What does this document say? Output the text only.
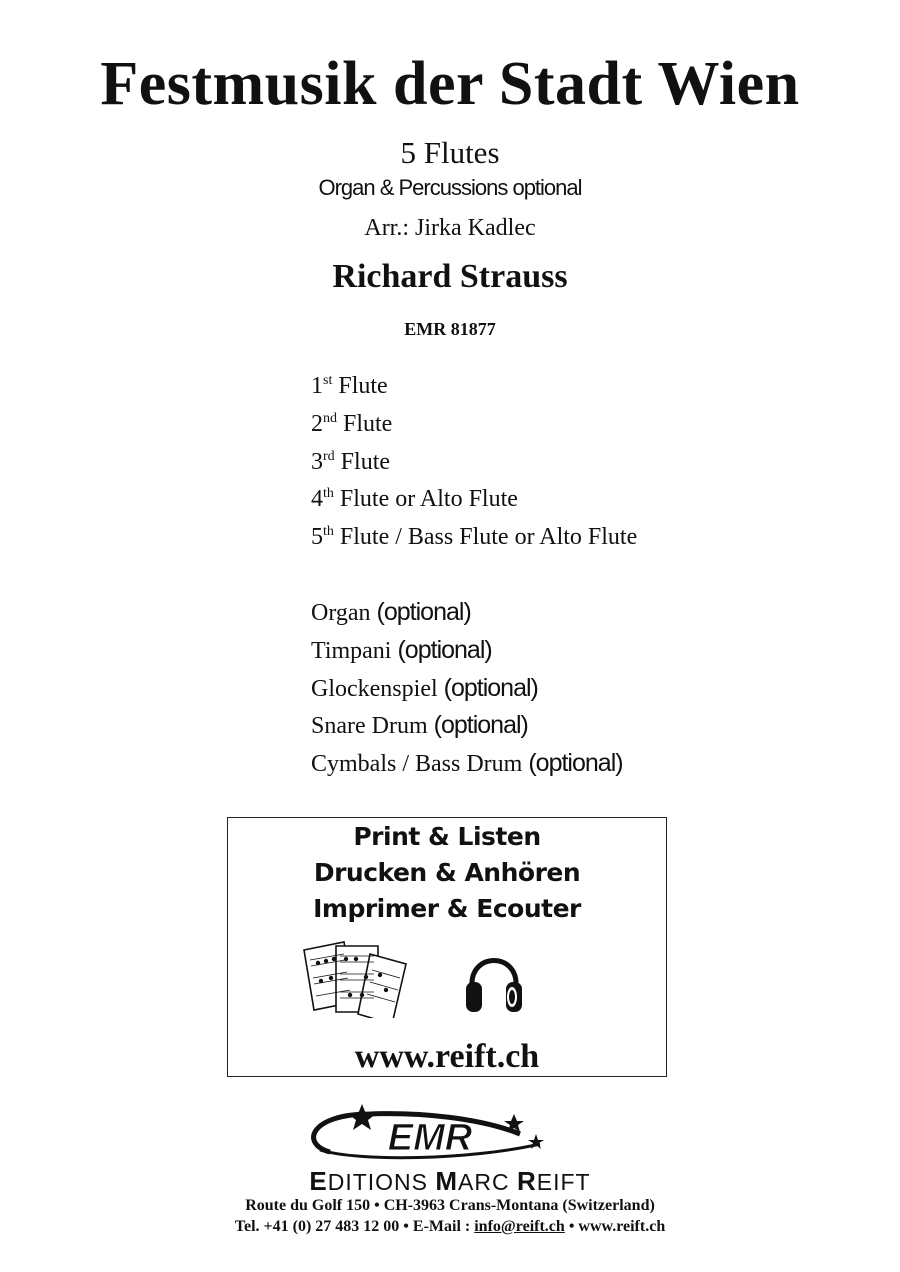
Festmusik der Stadt Wien
5 Flutes
Organ & Percussions optional
Arr.: Jirka Kadlec
Richard Strauss
EMR 81877
1st Flute
2nd Flute
3rd Flute
4th Flute or Alto Flute
5th Flute / Bass Flute or Alto Flute
Organ (optional)
Timpani (optional)
Glockenspiel (optional)
Snare Drum (optional)
Cymbals / Bass Drum (optional)
Print & Listen
Drucken & Anhören
Imprimer & Ecouter
www.reift.ch
EMR
EDITIONS MARC REIFT
Route du Golf 150 • CH-3963 Crans-Montana (Switzerland)
Tel. +41 (0) 27 483 12 00 • E-Mail : info@reift.ch • www.reift.ch
